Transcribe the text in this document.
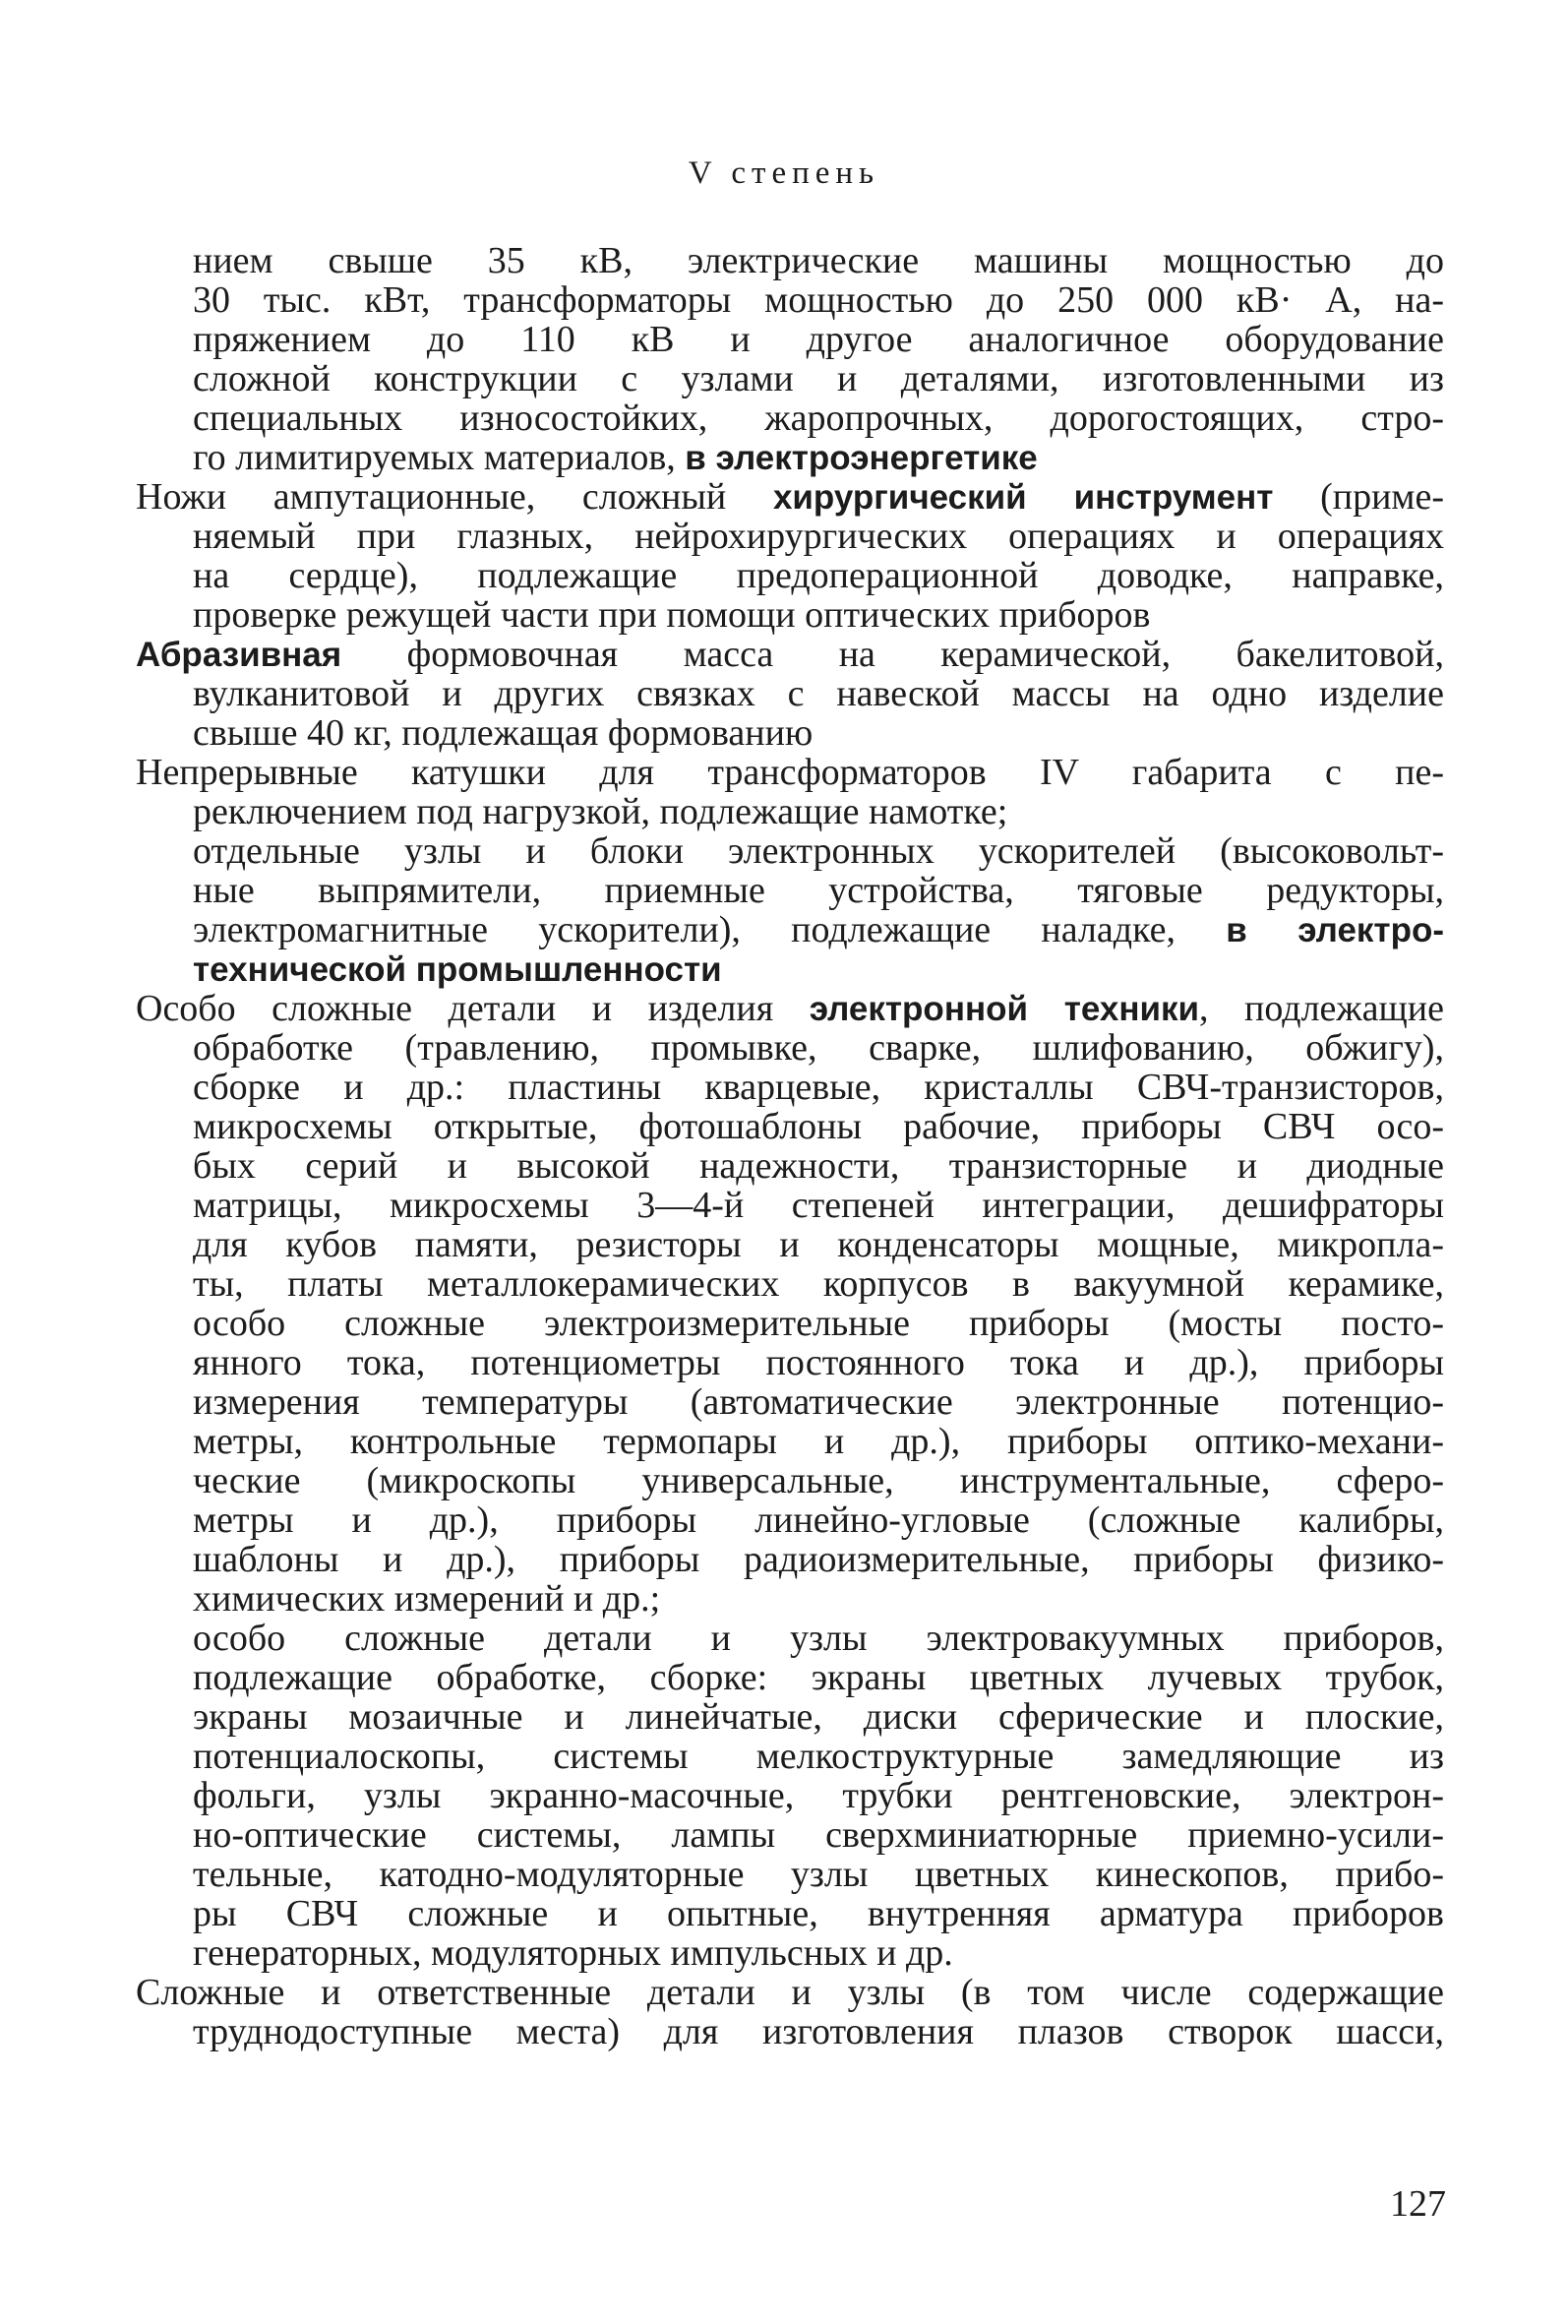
V степень
нием свыше 35 кВ, электрические машины мощностью до
30 тыс. кВт, трансформаторы мощностью до 250 000 кВ· А, на-
пряжением до 110 кВ и другое аналогичное оборудование
сложной конструкции с узлами и деталями, изготовленными из
специальных износостойких, жаропрочных, дорогостоящих, стро-
го лимитируемых материалов, в электроэнергетике
Ножи ампутационные, сложный хирургический инструмент (приме-
няемый при глазных, нейрохирургических операциях и операциях
на сердце), подлежащие предоперационной доводке, направке,
проверке режущей части при помощи оптических приборов
Абразивная формовочная масса на керамической, бакелитовой,
вулканитовой и других связках с навеской массы на одно изделие
свыше 40 кг, подлежащая формованию
Непрерывные катушки для трансформаторов IV габарита с пе-
реключением под нагрузкой, подлежащие намотке;
отдельные узлы и блоки электронных ускорителей (высоковольт-
ные выпрямители, приемные устройства, тяговые редукторы,
электромагнитные ускорители), подлежащие наладке, в электро-
технической промышленности
Особо сложные детали и изделия электронной техники, подлежащие
обработке (травлению, промывке, сварке, шлифованию, обжигу),
сборке и др.: пластины кварцевые, кристаллы СВЧ-транзисторов,
микросхемы открытые, фотошаблоны рабочие, приборы СВЧ осо-
бых серий и высокой надежности, транзисторные и диодные
матрицы, микросхемы 3—4-й степеней интеграции, дешифраторы
для кубов памяти, резисторы и конденсаторы мощные, микропла-
ты, платы металлокерамических корпусов в вакуумной керамике,
особо сложные электроизмерительные приборы (мосты посто-
янного тока, потенциометры постоянного тока и др.), приборы
измерения температуры (автоматические электронные потенцио-
метры, контрольные термопары и др.), приборы оптико-механи-
ческие (микроскопы универсальные, инструментальные, сферо-
метры и др.), приборы линейно-угловые (сложные калибры,
шаблоны и др.), приборы радиоизмерительные, приборы физико-
химических измерений и др.;
особо сложные детали и узлы электровакуумных приборов,
подлежащие обработке, сборке: экраны цветных лучевых трубок,
экраны мозаичные и линейчатые, диски сферические и плоские,
потенциалоскопы, системы мелкоструктурные замедляющие из
фольги, узлы экранно-масочные, трубки рентгеновские, электрон-
но-оптические системы, лампы сверхминиатюрные приемно-усили-
тельные, катодно-модуляторные узлы цветных кинескопов, прибо-
ры СВЧ сложные и опытные, внутренняя арматура приборов
генераторных, модуляторных импульсных и др.
Сложные и ответственные детали и узлы (в том числе содержащие
труднодоступные места) для изготовления плазов створок шасси,
127
